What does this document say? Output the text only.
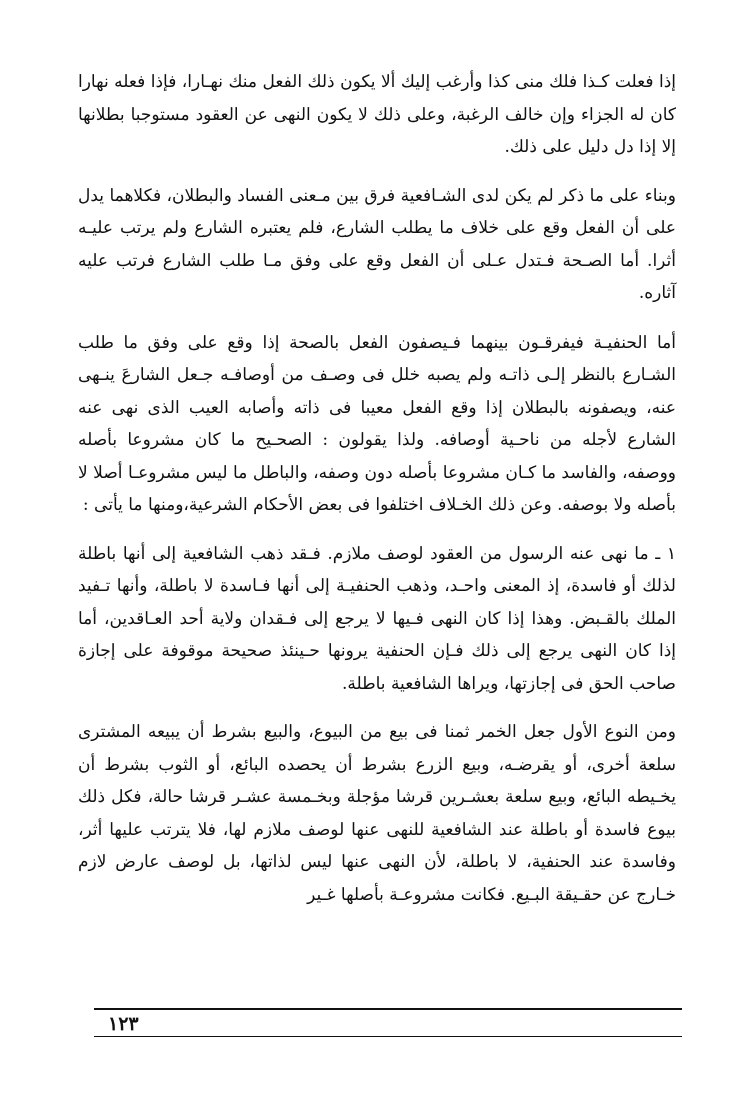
إذا فعلت كـذا فلك منى كذا وأرغب إليك ألا يكون ذلك الفعل منك نهـارا، فإذا فعله نهارا كان له الجزاء وإن خالف الرغبة، وعلى ذلك لا يكون النهى عن العقود مستوجبا بطلانها إلا إذا دل دليل على ذلك.

وبناء على ما ذكر لم يكن لدى الشـافعية فرق بين مـعنى الفساد والبطلان، فكلاهما يدل على أن الفعل وقع على خلاف ما يطلب الشارع، فلم يعتبره الشارع ولم يرتب عليـه أثرا. أما الصـحة فـتدل عـلى أن الفعل وقع على وفق مـا طلب الشارع فرتب عليه آثاره.

أما الحنفيـة فيفرقـون بينهما فـيصفون الفعل بالصحة إذا وقع على وفق ما طلب الشـارع بالنظر إلـى ذاتـه ولم يصبه خلل فى وصـف من أوصافـه جـعل الشارعَ ينـهى عنه، ويصفونه بالبطلان إذا وقع الفعل معيبا فى ذاته وأصابه العيب الذى نهى عنه الشارع لأجله من ناحـية أوصافه. ولذا يقولون : الصحـيح ما كان مشروعا بأصله ووصفه، والفاسد ما كـان مشروعا بأصله دون وصفه، والباطل ما ليس مشروعـا أصلا لا بأصله ولا بوصفه. وعن ذلك الخـلاف اختلفوا فى بعض الأحكام الشرعية،ومنها ما يأتى :

١ ـ ما نهى عنه الرسول من العقود لوصف ملازم. فـقد ذهب الشافعية إلى أنها باطلة لذلك أو فاسدة، إذ المعنى واحـد، وذهب الحنفيـة إلى أنها فـاسدة لا باطلة، وأنها تـفيد الملك بالقـبض. وهذا إذا كان النهى فـيها لا يرجع إلى فـقدان ولاية أحد العـاقدين، أما إذا كان النهى يرجع إلى ذلك فـإن الحنفية يرونها حـينئذ صحيحة موقوفة على إجازة صاحب الحق فى إجازتها، ويراها الشافعية باطلة.

ومن النوع الأول جعل الخمر ثمنا فى بيع من البيوع، والبيع بشرط أن يبيعه المشترى سلعة أخرى، أو يقرضـه، وبيع الزرع بشرط أن يحصده البائع، أو الثوب بشرط أن يخـيطه البائع، وبيع سلعة بعشـرين قرشا مؤجلة وبخـمسة عشـر قرشا حالة، فكل ذلك بيوع فاسدة أو باطلة عند الشافعية للنهى عنها لوصف ملازم لها، فلا يترتب عليها أثر، وفاسدة عند الحنفية، لا باطلة، لأن النهى عنها ليس لذاتها، بل لوصف عارض لازم خـارج عن حقـيقة البـيع. فكانت مشروعـة بأصلها غـير

١٢٣
